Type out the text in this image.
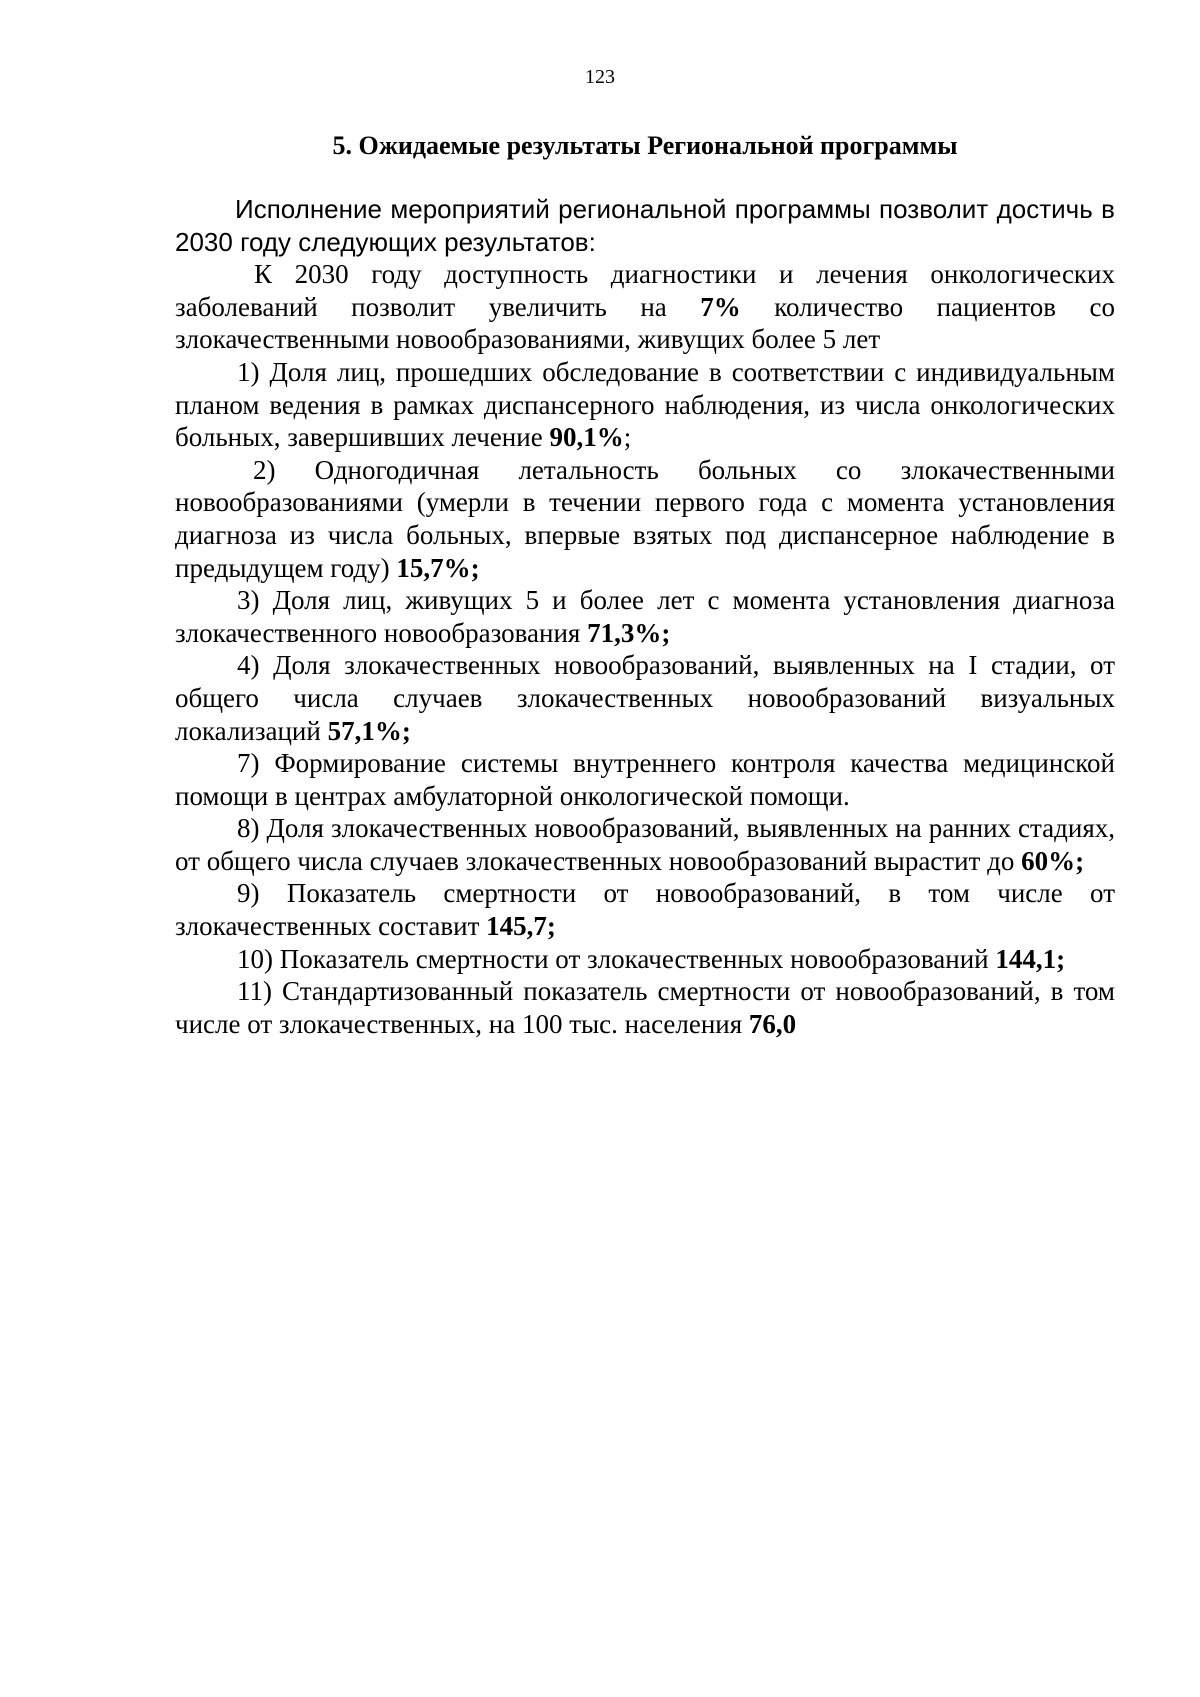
123
5. Ожидаемые результаты Региональной программы

Исполнение мероприятий региональной программы позволит достичь в 2030 году следующих результатов:

К 2030 году доступность диагностики и лечения онкологических заболеваний позволит увеличить на 7% количество пациентов со злокачественными новообразованиями, живущих более 5 лет

1) Доля лиц, прошедших обследование в соответствии с индивидуальным планом ведения в рамках диспансерного наблюдения, из числа онкологических больных, завершивших лечение 90,1%;

2) Одногодичная летальность больных со злокачественными новообразованиями (умерли в течении первого года с момента установления диагноза из числа больных, впервые взятых под диспансерное наблюдение в предыдущем году) 15,7%;

3) Доля лиц, живущих 5 и более лет с момента установления диагноза злокачественного новообразования 71,3%;

4) Доля злокачественных новообразований, выявленных на I стадии, от общего числа случаев злокачественных новообразований визуальных локализаций 57,1%;

7) Формирование системы внутреннего контроля качества медицинской помощи в центрах амбулаторной онкологической помощи.

8) Доля злокачественных новообразований, выявленных на ранних стадиях, от общего числа случаев злокачественных новообразований вырастит до 60%;

9) Показатель смертности от новообразований, в том числе от злокачественных составит 145,7;

10) Показатель смертности от злокачественных новообразований 144,1;

11) Стандартизованный показатель смертности от новообразований, в том числе от злокачественных, на 100 тыс. населения 76,0
